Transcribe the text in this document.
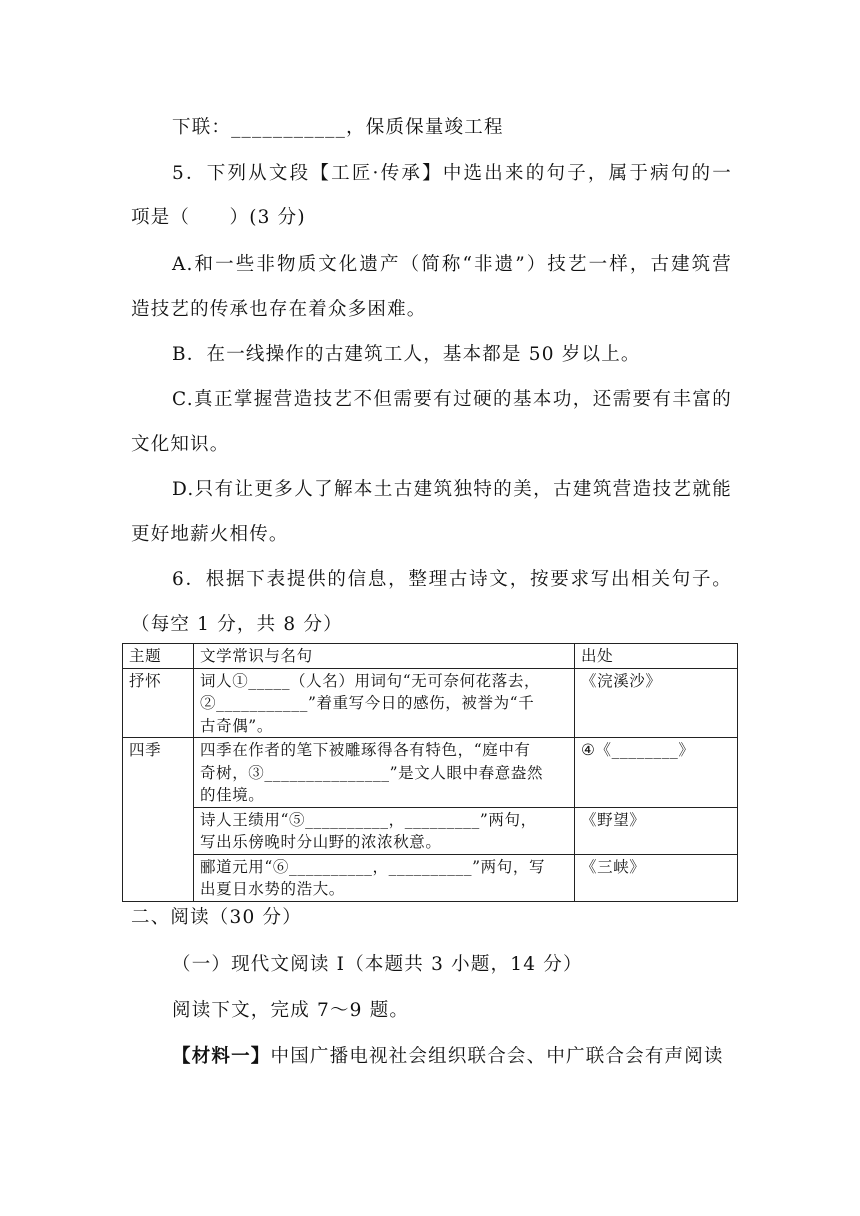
下联：___________，保质保量竣工程
5．下列从文段【工匠·传承】中选出来的句子，属于病句的一
项是（　　）(3 分)
A.和一些非物质文化遗产（简称“非遗”）技艺一样，古建筑营
造技艺的传承也存在着众多困难。
B．在一线操作的古建筑工人，基本都是 50 岁以上。
C.真正掌握营造技艺不但需要有过硬的基本功，还需要有丰富的
文化知识。
D.只有让更多人了解本土古建筑独特的美，古建筑营造技艺就能
更好地薪火相传。
6．根据下表提供的信息，整理古诗文，按要求写出相关句子。
（每空 1 分，共 8 分）
主题	文学常识与名句	出处
抒怀	词人①_____（人名）用词句“无可奈何花落去，
②___________”着重写今日的感伤，被誉为“千
古奇偶”。	《浣溪沙》
四季	四季在作者的笔下被雕琢得各有特色，“庭中有
奇树，③_______________”是文人眼中春意盎然
的佳境。	④《________》

	诗人王绩用“⑤__________，_________”两句，
写出乐傍晚时分山野的浓浓秋意。	《野望》

	郦道元用“⑥__________，__________”两句，写
出夏日水势的浩大。	《三峡》
二、阅读（30 分）
（一）现代文阅读 I（本题共 3 小题，14 分）
阅读下文，完成 7～9 题。
【材料一】中国广播电视社会组织联合会、中广联合会有声阅读
